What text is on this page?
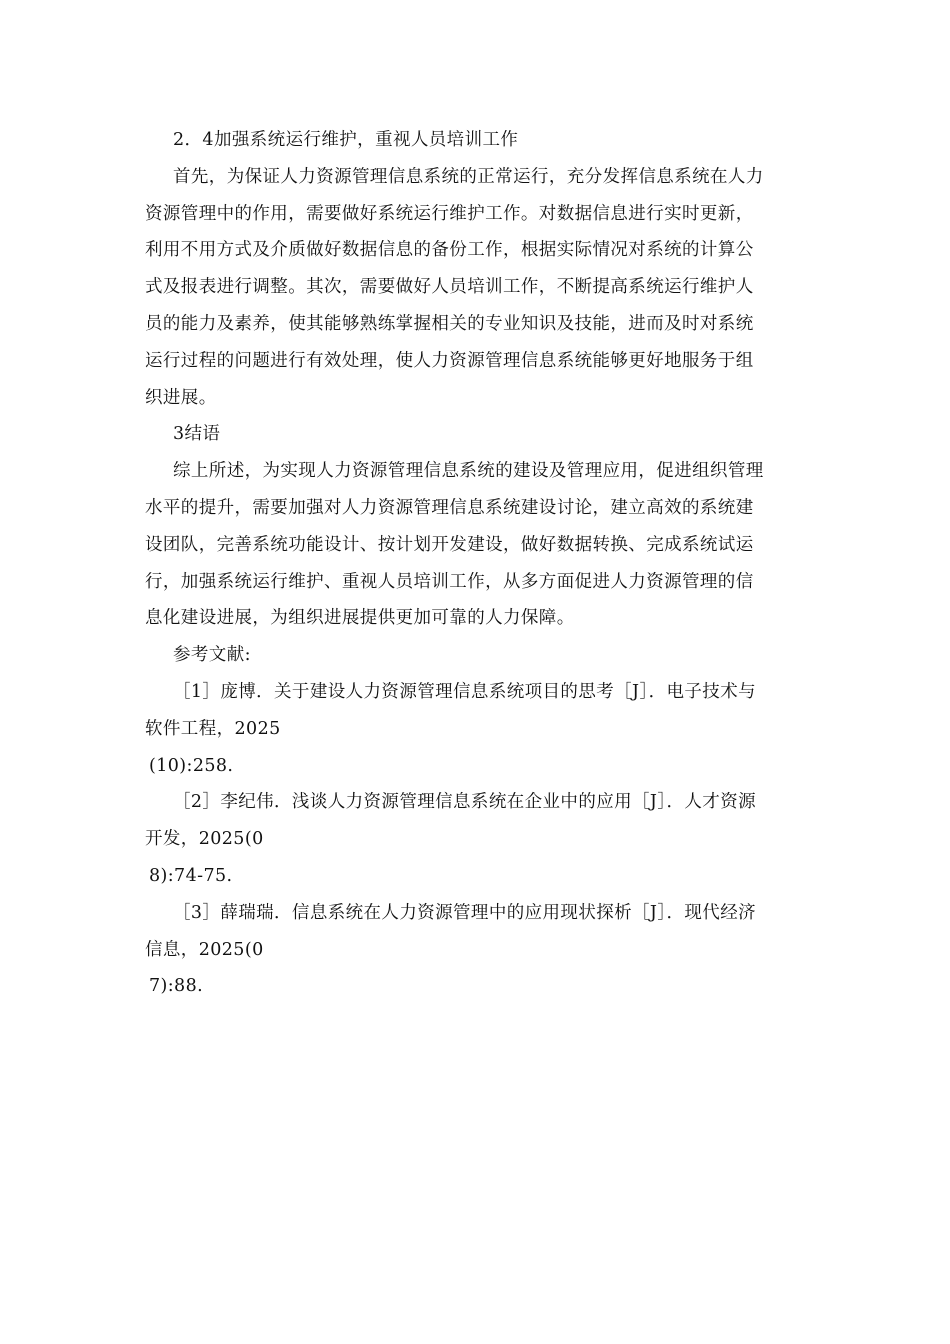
2．4加强系统运行维护，重视人员培训工作
首先，为保证人力资源管理信息系统的正常运行，充分发挥信息系统在人力
资源管理中的作用，需要做好系统运行维护工作。对数据信息进行实时更新，
利用不用方式及介质做好数据信息的备份工作，根据实际情况对系统的计算公
式及报表进行调整。其次，需要做好人员培训工作，不断提高系统运行维护人
员的能力及素养，使其能够熟练掌握相关的专业知识及技能，进而及时对系统
运行过程的问题进行有效处理，使人力资源管理信息系统能够更好地服务于组
织进展。
3结语
综上所述，为实现人力资源管理信息系统的建设及管理应用，促进组织管理
水平的提升，需要加强对人力资源管理信息系统建设讨论，建立高效的系统建
设团队，完善系统功能设计、按计划开发建设，做好数据转换、完成系统试运
行，加强系统运行维护、重视人员培训工作，从多方面促进人力资源管理的信
息化建设进展，为组织进展提供更加可靠的人力保障。
参考文献:
［1］庞博．关于建设人力资源管理信息系统项目的思考［J］．电子技术与
软件工程，2025
(10):258.
［2］李纪伟．浅谈人力资源管理信息系统在企业中的应用［J］．人才资源
开发，2025(0
8):74-75.
［3］薛瑞瑞．信息系统在人力资源管理中的应用现状探析［J］．现代经济
信息，2025(0
7):88.
